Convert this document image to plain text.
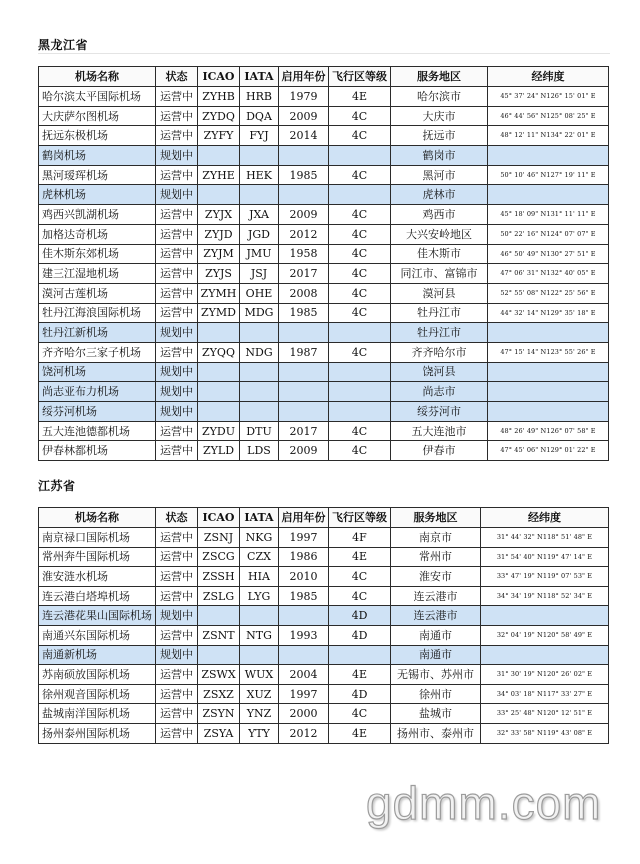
黑龙江省
机场名称	状态	ICAO	IATA	启用年份	飞行区等级	服务地区	经纬度
哈尔滨太平国际机场	运营中	ZYHB	HRB	1979	4E	哈尔滨市	45° 37' 24" N126° 15' 01" E
大庆萨尔图机场	运营中	ZYDQ	DQA	2009	4C	大庆市	46° 44' 56" N125° 08' 25" E
抚远东极机场	运营中	ZYFY	FYJ	2014	4C	抚远市	48° 12' 11" N134° 22' 01" E
鹤岗机场	规划中					鹤岗市	
黑河瑷珲机场	运营中	ZYHE	HEK	1985	4C	黑河市	50° 10' 46" N127° 19' 11" E
虎林机场	规划中					虎林市	
鸡西兴凯湖机场	运营中	ZYJX	JXA	2009	4C	鸡西市	45° 18' 09" N131° 11' 11" E
加格达奇机场	运营中	ZYJD	JGD	2012	4C	大兴安岭地区	50° 22' 16" N124° 07' 07" E
佳木斯东郊机场	运营中	ZYJM	JMU	1958	4C	佳木斯市	46° 50' 49" N130° 27' 51" E
建三江湿地机场	运营中	ZYJS	JSJ	2017	4C	同江市、富锦市	47° 06' 31" N132° 40' 05" E
漠河古莲机场	运营中	ZYMH	OHE	2008	4C	漠河县	52° 55' 08" N122° 25' 56" E
牡丹江海浪国际机场	运营中	ZYMD	MDG	1985	4C	牡丹江市	44° 32' 14" N129° 35' 18" E
牡丹江新机场	规划中					牡丹江市	
齐齐哈尔三家子机场	运营中	ZYQQ	NDG	1987	4C	齐齐哈尔市	47° 15' 14" N123° 55' 26" E
饶河机场	规划中					饶河县	
尚志亚布力机场	规划中					尚志市	
绥芬河机场	规划中					绥芬河市	
五大连池德都机场	运营中	ZYDU	DTU	2017	4C	五大连池市	48° 26' 49" N126° 07' 58" E
伊春林都机场	运营中	ZYLD	LDS	2009	4C	伊春市	47° 45' 06" N129° 01' 22" E
江苏省
机场名称	状态	ICAO	IATA	启用年份	飞行区等级	服务地区	经纬度
南京禄口国际机场	运营中	ZSNJ	NKG	1997	4F	南京市	31° 44' 32" N118° 51' 48" E
常州奔牛国际机场	运营中	ZSCG	CZX	1986	4E	常州市	31° 54' 40" N119° 47' 14" E
淮安涟水机场	运营中	ZSSH	HIA	2010	4C	淮安市	33° 47' 19" N119° 07' 53" E
连云港白塔埠机场	运营中	ZSLG	LYG	1985	4C	连云港市	34° 34' 19" N118° 52' 34" E
连云港花果山国际机场	规划中				4D	连云港市	
南通兴东国际机场	运营中	ZSNT	NTG	1993	4D	南通市	32° 04' 19" N120° 58' 49" E
南通新机场	规划中					南通市	
苏南硕放国际机场	运营中	ZSWX	WUX	2004	4E	无锡市、苏州市	31° 30' 19" N120° 26' 02" E
徐州观音国际机场	运营中	ZSXZ	XUZ	1997	4D	徐州市	34° 03' 18" N117° 33' 27" E
盐城南洋国际机场	运营中	ZSYN	YNZ	2000	4C	盐城市	33° 25' 48" N120° 12' 51" E
扬州泰州国际机场	运营中	ZSYA	YTY	2012	4E	扬州市、泰州市	32° 33' 58" N119° 43' 08" E
gdmm.com
